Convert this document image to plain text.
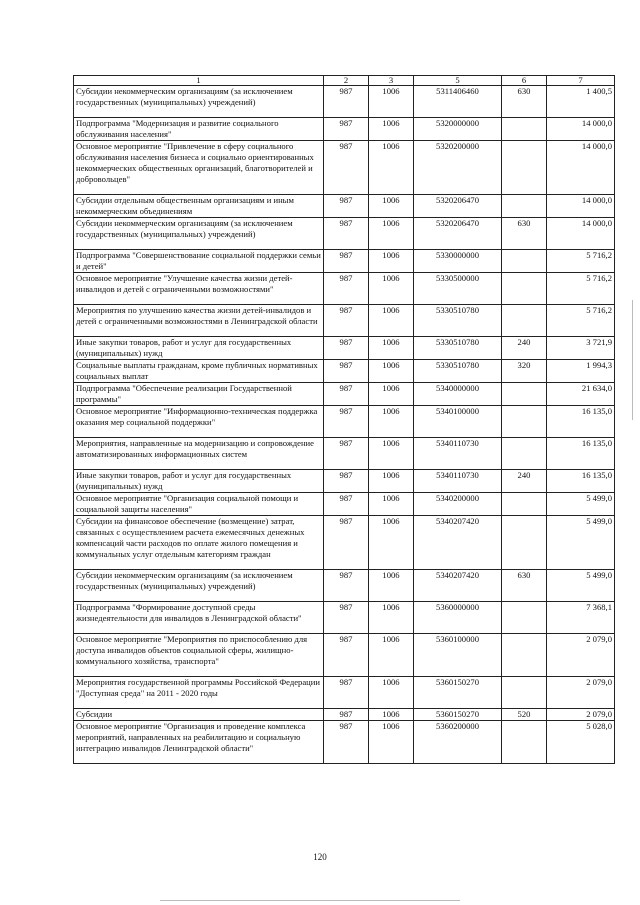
1	2	3	5	6	7
Субсидии некоммерческим организациям (за исключением государственных (муниципальных) учреждений)	987	1006	5311406460	630	1 400,5
Подпрограмма "Модернизация и развитие социального обслуживания населения"	987	1006	5320000000		14 000,0
Основное мероприятие "Привлечение в сферу социального обслуживания населения бизнеса и социально ориентированных некоммерческих общественных организаций, благотворителей и добровольцев"	987	1006	5320200000		14 000,0
Субсидии отдельным общественным организациям и иным некоммерческим объединениям	987	1006	5320206470		14 000,0
Субсидии некоммерческим организациям (за исключением государственных (муниципальных) учреждений)	987	1006	5320206470	630	14 000,0
Подпрограмма "Совершенствование социальной поддержки семьи и детей"	987	1006	5330000000		5 716,2
Основное мероприятие "Улучшение качества жизни детей-инвалидов и детей с ограниченными возможностями"	987	1006	5330500000		5 716,2
Мероприятия по улучшению качества жизни детей-инвалидов и детей с ограниченными возможностями в Ленинградской области	987	1006	5330510780		5 716,2
Иные закупки товаров, работ и услуг для государственных (муниципальных) нужд	987	1006	5330510780	240	3 721,9
Социальные выплаты гражданам, кроме публичных нормативных социальных выплат	987	1006	5330510780	320	1 994,3
Подпрограмма "Обеспечение реализации Государственной программы"	987	1006	5340000000		21 634,0
Основное мероприятие "Информационно-техническая поддержка оказания мер социальной поддержки"	987	1006	5340100000		16 135,0
Мероприятия, направленные на модернизацию и сопровождение автоматизированных информационных систем	987	1006	5340110730		16 135,0
Иные закупки товаров, работ и услуг для государственных (муниципальных) нужд	987	1006	5340110730	240	16 135,0
Основное мероприятие "Организация социальной помощи и социальной защиты населения"	987	1006	5340200000		5 499,0
Субсидии на финансовое обеспечение (возмещение) затрат, связанных с осуществлением расчета ежемесячных денежных компенсаций части расходов по оплате жилого помещения и коммунальных услуг отдельным категориям граждан	987	1006	5340207420		5 499,0
Субсидии некоммерческим организациям (за исключением государственных (муниципальных) учреждений)	987	1006	5340207420	630	5 499,0
Подпрограмма "Формирование доступной среды жизнедеятельности для инвалидов в Ленинградской области"	987	1006	5360000000		7 368,1
Основное мероприятие "Мероприятия по приспособлению для доступа инвалидов объектов социальной сферы, жилищно-коммунального хозяйства, транспорта"	987	1006	5360100000		2 079,0
Мероприятия государственной программы Российской Федерации "Доступная среда" на 2011 - 2020 годы	987	1006	5360150270		2 079,0
Субсидии	987	1006	5360150270	520	2 079,0
Основное мероприятие "Организация и проведение комплекса мероприятий, направленных на реабилитацию и социальную интеграцию инвалидов Ленинградской области"	987	1006	5360200000		5 028,0
120
